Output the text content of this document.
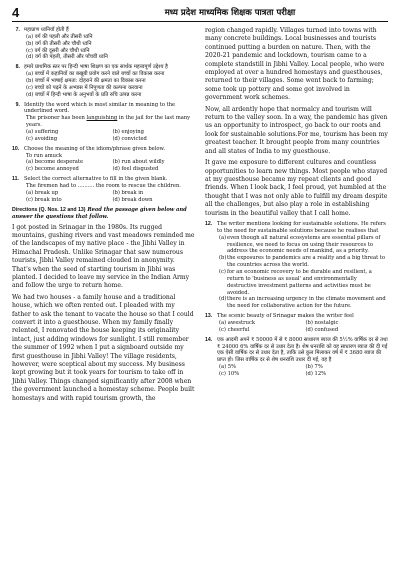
4	मध्य प्रदेश माध्यमिक शिक्षक पात्रता परीक्षा
7. महाप्राण ध्वनियाँ होती हैं
(a) वर्ग की पहली और तीसरी ध्वनि
(b) वर्ग की तीसरी और चौथी ध्वनि
(c) वर्ग की दूसरी और चौथी ध्वनि
(d) वर्ग की पहली, तीसरी और पाँचवीं ध्वनि
8. हमारे प्राथमिक स्तर पर हिन्दी भाषा शिक्षण का एक सार्थक महत्त्वपूर्ण उद्देश्य है
(a) बच्चों में कहानियों का बखूबी प्रयोग करने वाले बच्चों का विकास करना
(b) बच्चों में भाषाई क्षमता: दोहराने की क्षमता का विकास करना
(c) बच्चों को पढ़ने के अभ्यास में निपुणता की कल्पना करवाना
(d) बच्चों में हिन्दी भाषा के अनुभवों के प्रति रुचि उत्पन्न करना
9. Identify the word which is most similar in meaning to the underlined word.
The prisoner has been languishing in the jail for the last many years.
(a) suffering	(b) enjoying
(c) avoiding	(d) convicted
10. Choose the meaning of the idiom/phrase given below.
To run amuck
(a) become desperate	(b) run about wildly
(c) become annoyed	(d) feel disgusted
11. Select the correct alternative to fill in the given blank.
The firemen had to .......... the room to rescue the children.
(a) break up	(b) break in
(c) break into	(d) break down
Directions (Q. Nos. 12 and 13) Read the passage given below and answer the questions that follow.

I got posted in Srinagar in the 1980s. Its rugged mountains, gushing rivers and vast meadows reminded me of the landscapes of my native place - the Jibhi Valley in Himachal Pradesh. Unlike Srinagar that saw numerous tourists, Jibhi Valley remained clouded in anonymity. That's when the seed of starting tourism in Jibhi was planted. I decided to leave my service in the Indian Army and follow the urge to return home.

We had two houses - a family house and a traditional house, which we often rented out. I pleaded with my father to ask the tenant to vacate the house so that I could convert it into a guesthouse. When my family finally relented, I renovated the house keeping its originality intact, just adding windows for sunlight. I still remember the summer of 1992 when I put a signboard outside my first guesthouse in Jibhi Valley! The village residents, however, were sceptical about my success. My business kept growing but it took years for tourism to take off in Jibhi Valley. Things changed significantly after 2008 when the government launched a homestay scheme. People built homestays and with rapid tourism growth, the

region changed rapidly. Villages turned into towns with many concrete buildings. Local businesses and tourists continued putting a burden on nature. Then, with the 2020-21 pandemic and lockdown, tourism came to a complete standstill in Jibhi Valley. Local people, who were employed at over a hundred homestays and guesthouses, returned to their villages. Some went back to farming; some took up pottery and some got involved in government work schemes.

Now, all ardently hope that normalcy and tourism will return to the valley soon. In a way, the pandemic has given us an opportunity to introspect, go back to our roots and look for sustainable solutions.For me, tourism has been my greatest teacher. It brought people from many countries and all states of India to my guesthouse.

It gave me exposure to different cultures and countless opportunities to learn new things. Most people who stayed at my guesthouse became my repeat clients and good friends. When I look back, I feel proud, yet humbled at the thought that I was not only able to fulfill my dream despite all the challenges, but also play a role in establishing tourism in the beautiful valley that I call home.

12. The writer mentions looking for sustainable solutions. He refers to the need for sustainable solutions because he realises that
(a) even though all natural ecosystems are essential pillars of resilience, we need to focus on using their resources to address the economic needs of mankind, as a priority.
(b) the exposures to pandemics are a reality and a big threat to the countries across the world.
(c) for an economic recovery to be durable and resilient, a return to 'business as usual' and environmentally destructive investment patterns and activities must be avoided.
(d) there is an increasing urgency in the climate movement and the need for collaborative action for the future.
13. The scenic beauty of Srinagar makes the writer feel
(a) awestruck	(b) nostalgic
(c) cheerful	(d) confused
14. एक आदमी अपने ₹ 50000 में से ₹ 8000 साधारण ब्याज की 5½% वार्षिक दर से तथा ₹ 24000 6% वार्षिक दर से उधार देता है। शेष धनराशि को वह साधारण ब्याज की दी गई एक ऐसी वार्षिक दर से उधार देता है, ताकि उसे कुल मिलाकर वर्ष में ₹ 3680 ब्याज की प्राप्त हो। जिस वार्षिक दर से शेष धनराशि उधार दी गई, वह है
(a) 5%	(b) 7%
(c) 10%	(d) 12%
